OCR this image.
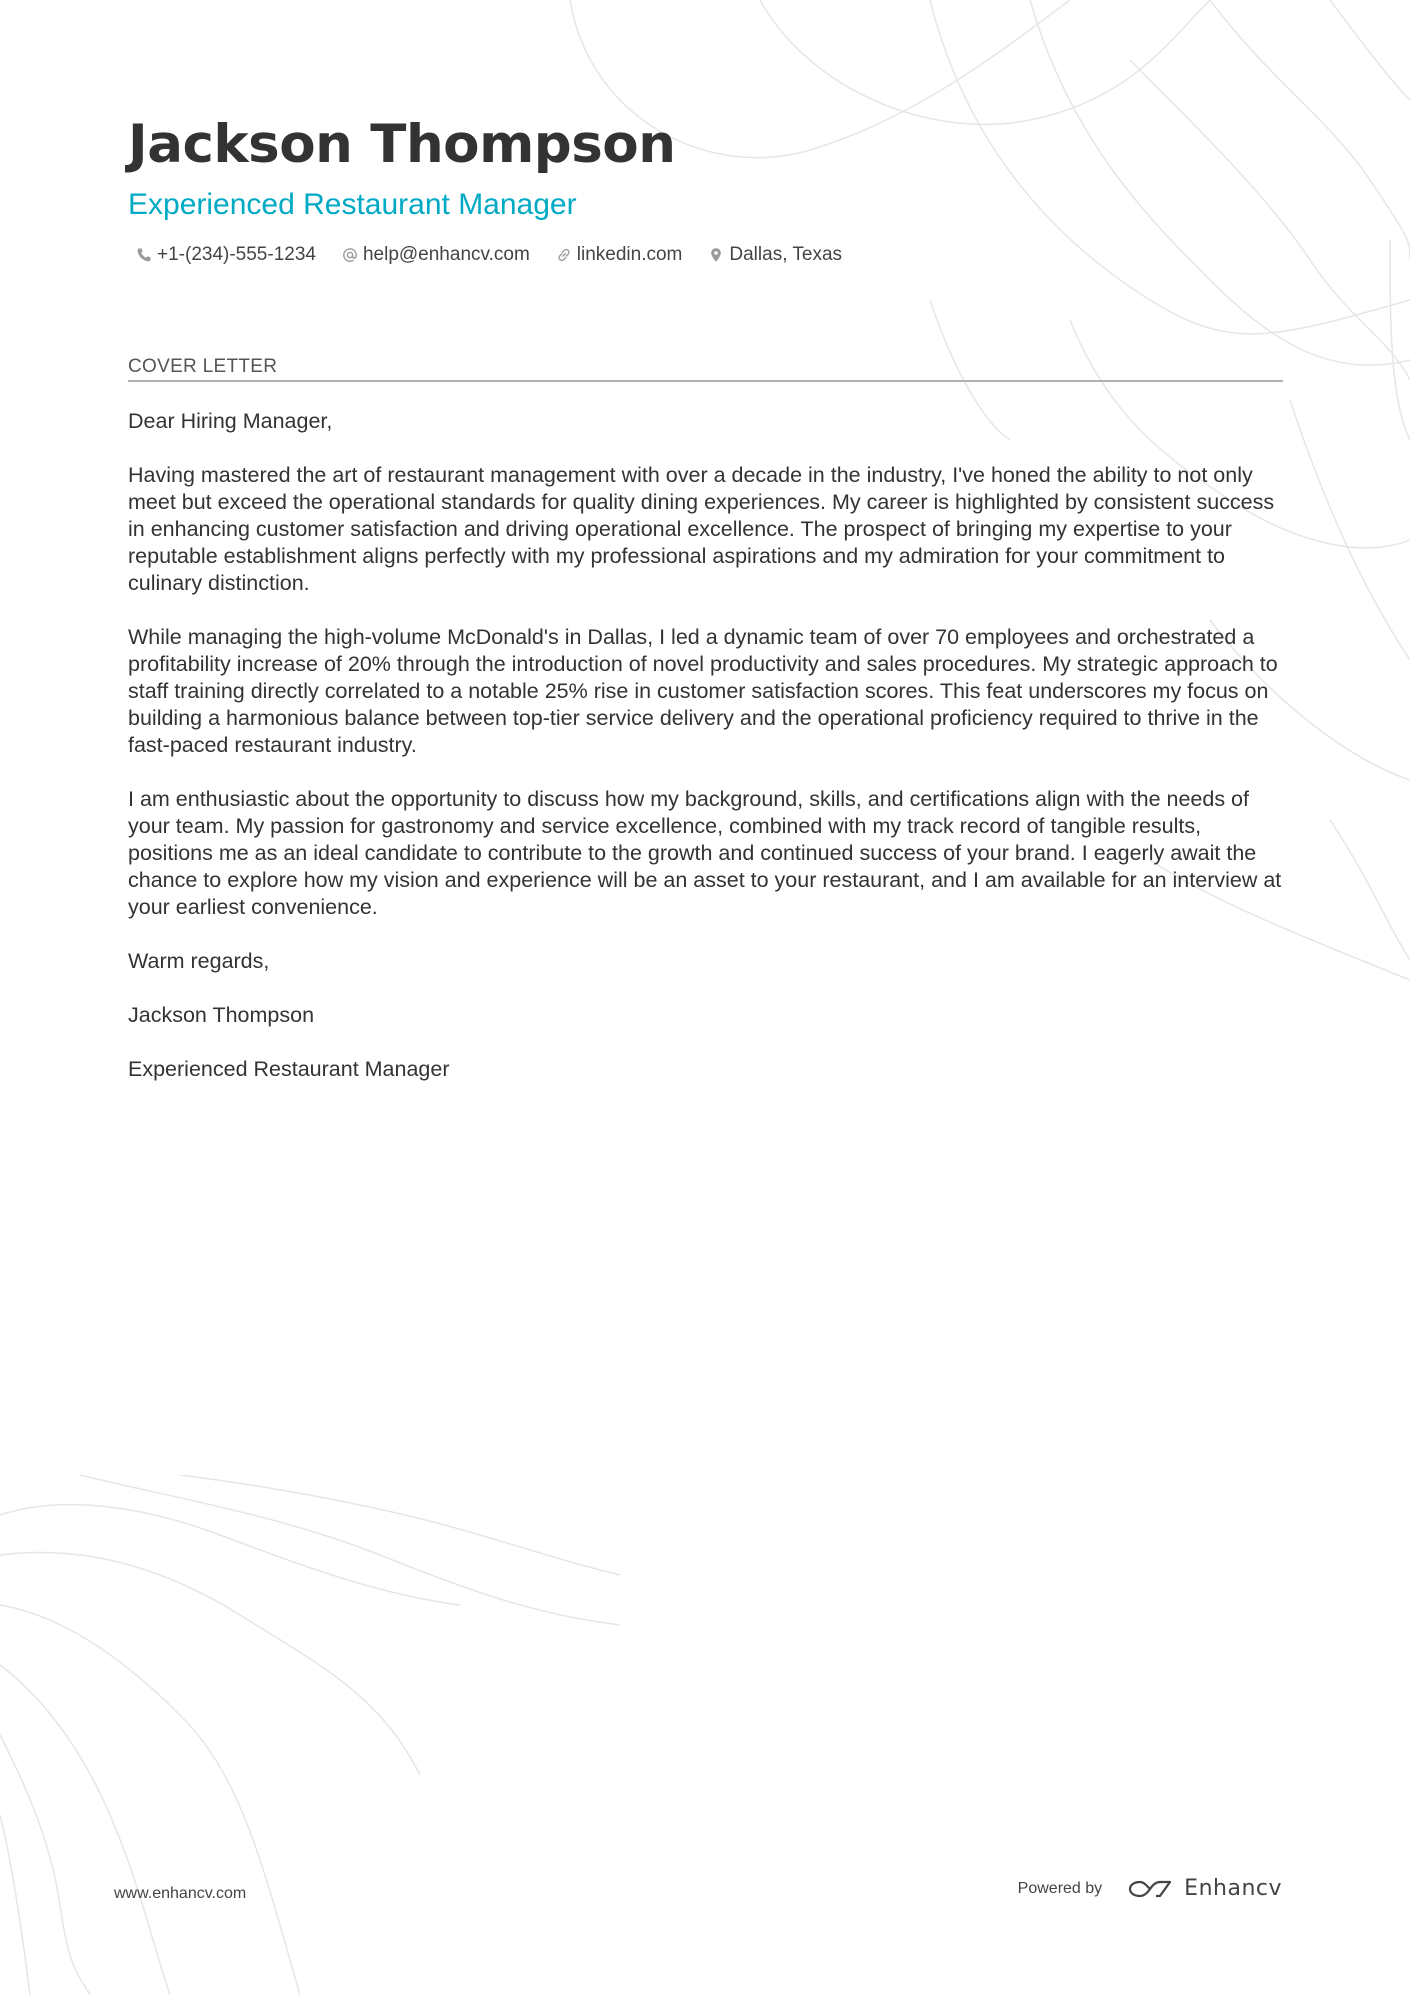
Jackson Thompson
Experienced Restaurant Manager
+1-(234)-555-1234 help@enhancv.com linkedin.com Dallas, Texas
COVER LETTER

Dear Hiring Manager,

Having mastered the art of restaurant management with over a decade in the industry, I've honed the ability to not only meet but exceed the operational standards for quality dining experiences. My career is highlighted by consistent success in enhancing customer satisfaction and driving operational excellence. The prospect of bringing my expertise to your reputable establishment aligns perfectly with my professional aspirations and my admiration for your commitment to culinary distinction.

While managing the high-volume McDonald's in Dallas, I led a dynamic team of over 70 employees and orchestrated a profitability increase of 20% through the introduction of novel productivity and sales procedures. My strategic approach to staff training directly correlated to a notable 25% rise in customer satisfaction scores. This feat underscores my focus on building a harmonious balance between top-tier service delivery and the operational proficiency required to thrive in the fast-paced restaurant industry.

I am enthusiastic about the opportunity to discuss how my background, skills, and certifications align with the needs of your team. My passion for gastronomy and service excellence, combined with my track record of tangible results, positions me as an ideal candidate to contribute to the growth and continued success of your brand. I eagerly await the chance to explore how my vision and experience will be an asset to your restaurant, and I am available for an interview at your earliest convenience.

Warm regards,

Jackson Thompson

Experienced Restaurant Manager

www.enhancv.com	Powered by	Enhancv
